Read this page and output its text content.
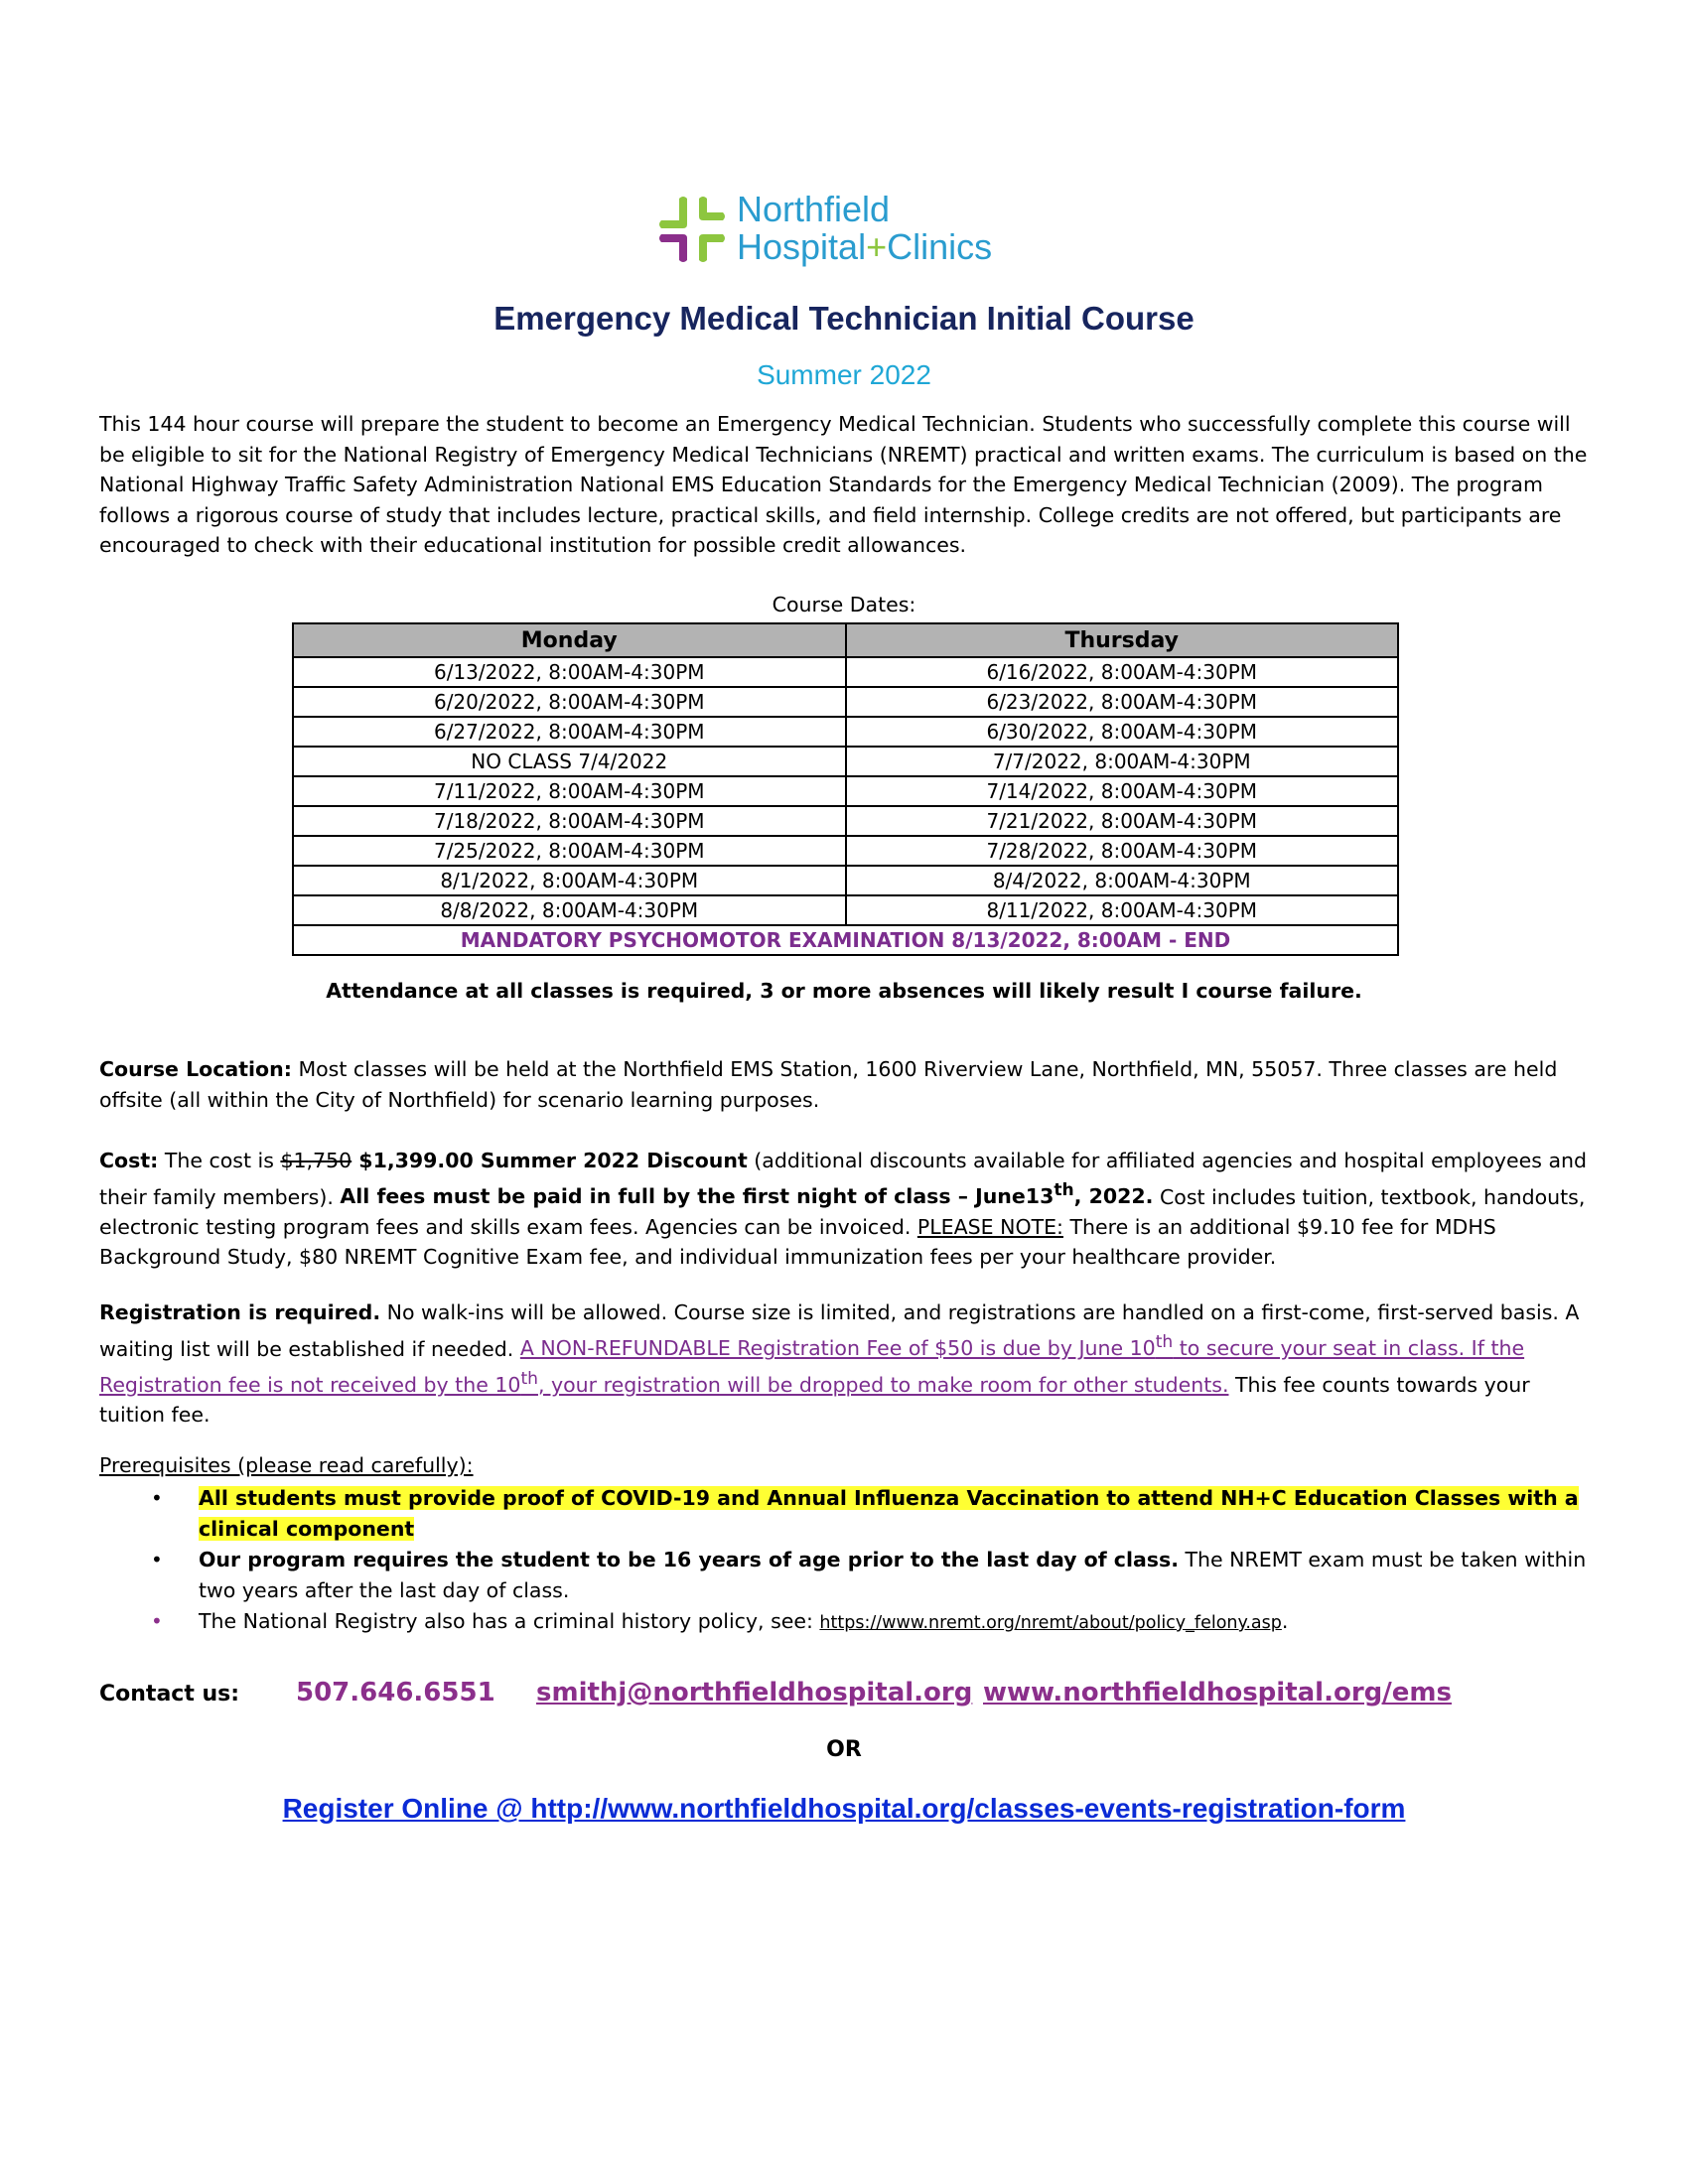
Northfield
Hospital+Clinics
Emergency Medical Technician Initial Course
Summer 2022

This 144 hour course will prepare the student to become an Emergency Medical Technician. Students who successfully complete this course will be eligible to sit for the National Registry of Emergency Medical Technicians (NREMT) practical and written exams. The curriculum is based on the National Highway Traffic Safety Administration National EMS Education Standards for the Emergency Medical Technician (2009). The program follows a rigorous course of study that includes lecture, practical skills, and field internship. College credits are not offered, but participants are encouraged to check with their educational institution for possible credit allowances.

Course Dates:
Monday	Thursday
6/13/2022, 8:00AM-4:30PM	6/16/2022, 8:00AM-4:30PM
6/20/2022, 8:00AM-4:30PM	6/23/2022, 8:00AM-4:30PM
6/27/2022, 8:00AM-4:30PM	6/30/2022, 8:00AM-4:30PM
NO CLASS 7/4/2022	7/7/2022, 8:00AM-4:30PM
7/11/2022, 8:00AM-4:30PM	7/14/2022, 8:00AM-4:30PM
7/18/2022, 8:00AM-4:30PM	7/21/2022, 8:00AM-4:30PM
7/25/2022, 8:00AM-4:30PM	7/28/2022, 8:00AM-4:30PM
8/1/2022, 8:00AM-4:30PM	8/4/2022, 8:00AM-4:30PM
8/8/2022, 8:00AM-4:30PM	8/11/2022, 8:00AM-4:30PM
MANDATORY PSYCHOMOTOR EXAMINATION 8/13/2022, 8:00AM - END	
Attendance at all classes is required, 3 or more absences will likely result I course failure.

Course Location: Most classes will be held at the Northfield EMS Station, 1600 Riverview Lane, Northfield, MN, 55057. Three classes are held offsite (all within the City of Northfield) for scenario learning purposes.

Cost: The cost is $1,750 $1,399.00 Summer 2022 Discount (additional discounts available for affiliated agencies and hospital employees and their family members). All fees must be paid in full by the first night of class – June13th, 2022. Cost includes tuition, textbook, handouts, electronic testing program fees and skills exam fees. Agencies can be invoiced. PLEASE NOTE: There is an additional $9.10 fee for MDHS Background Study, $80 NREMT Cognitive Exam fee, and individual immunization fees per your healthcare provider.

Registration is required. No walk-ins will be allowed. Course size is limited, and registrations are handled on a first-come, first-served basis. A waiting list will be established if needed. A NON-REFUNDABLE Registration Fee of $50 is due by June 10th to secure your seat in class. If the Registration fee is not received by the 10th, your registration will be dropped to make room for other students. This fee counts towards your tuition fee.

Prerequisites (please read carefully):
• All students must provide proof of COVID-19 and Annual Influenza Vaccination to attend NH+C Education Classes with a clinical component
• Our program requires the student to be 16 years of age prior to the last day of class. The NREMT exam must be taken within two years after the last day of class.
• The National Registry also has a criminal history policy, see: https://www.nremt.org/nremt/about/policy_felony.asp.
Contact us: 507.646.6551 smithj@northfieldhospital.org www.northfieldhospital.org/ems
OR
Register Online @ http://www.northfieldhospital.org/classes-events-registration-form
